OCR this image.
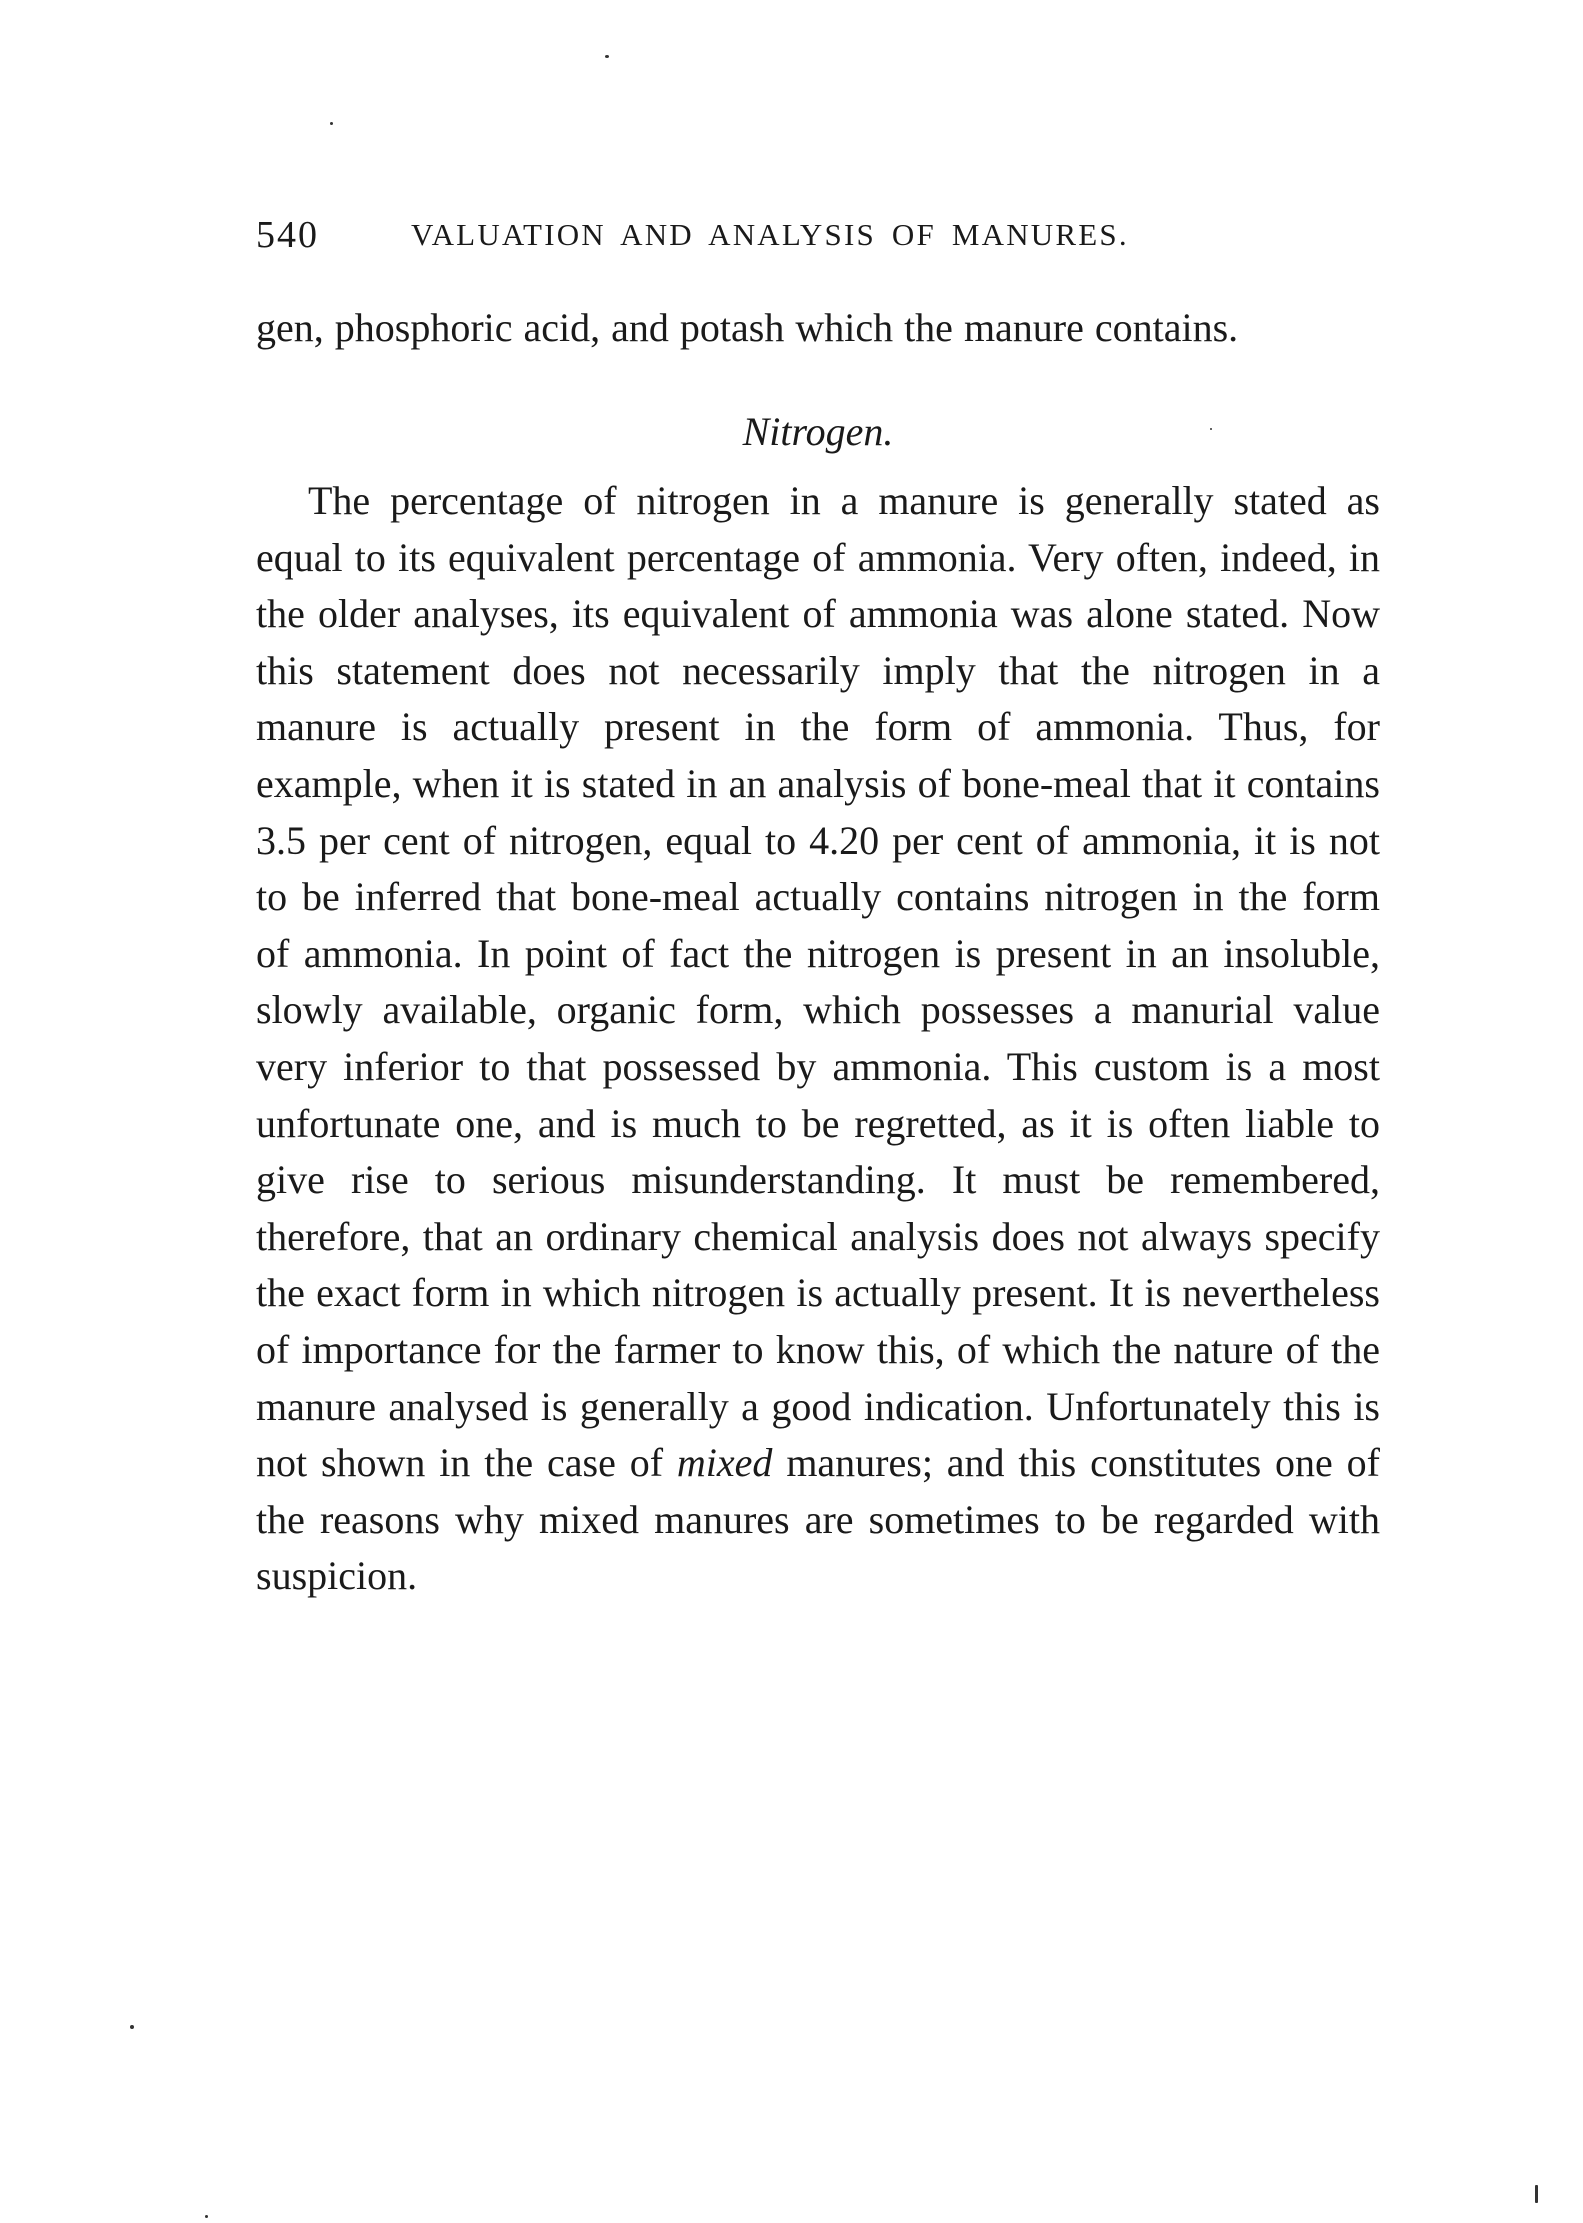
540	VALUATION AND ANALYSIS OF MANURES.
gen, phosphoric acid, and potash which the manure contains.
Nitrogen.
The percentage of nitrogen in a manure is generally stated as equal to its equivalent percentage of ammonia. Very often, indeed, in the older analyses, its equivalent of ammonia was alone stated. Now this statement does not necessarily imply that the nitrogen in a manure is actually present in the form of ammonia. Thus, for example, when it is stated in an analysis of bone-meal that it contains 3.5 per cent of nitrogen, equal to 4.20 per cent of ammonia, it is not to be inferred that bone-meal actually contains nitrogen in the form of ammonia. In point of fact the nitrogen is present in an insoluble, slowly available, organic form, which possesses a manurial value very inferior to that possessed by ammonia. This custom is a most unfortunate one, and is much to be regretted, as it is often liable to give rise to serious misunderstanding. It must be remembered, therefore, that an ordinary chemical analysis does not always specify the exact form in which nitrogen is actually present. It is nevertheless of importance for the farmer to know this, of which the nature of the manure analysed is generally a good indication. Unfortunately this is not shown in the case of mixed manures; and this constitutes one of the reasons why mixed manures are sometimes to be regarded with suspicion.
